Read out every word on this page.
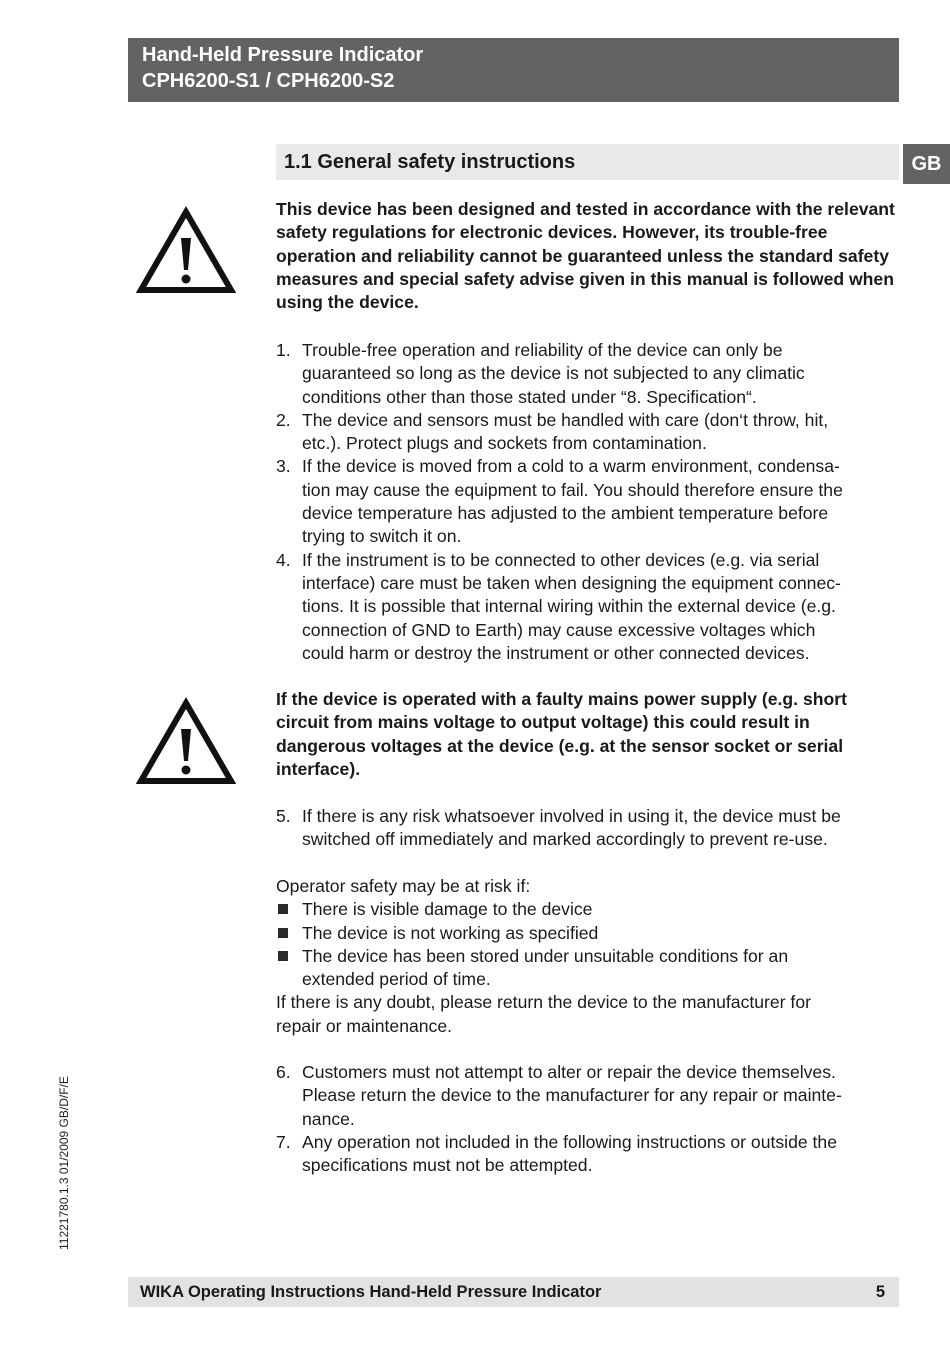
Hand-Held Pressure Indicator
CPH6200-S1 / CPH6200-S2
1.1 General safety instructions	GB
This device has been designed and tested in accordance with the relevant safety regulations for electronic devices. However, its trouble-free operation and reliability cannot be guaranteed unless the standard safety measures and special safety advise given in this manual is followed when using the device.
1. Trouble-free operation and reliability of the device can only be
guaranteed so long as the device is not subjected to any climatic
conditions other than those stated under “8. Specification“.
2. The device and sensors must be handled with care (don‘t throw, hit,
etc.). Protect plugs and sockets from contamination.
3. If the device is moved from a cold to a warm environment, condensa-
tion may cause the equipment to fail. You should therefore ensure the
device temperature has adjusted to the ambient temperature before
trying to switch it on.
4. If the instrument is to be connected to other devices (e.g. via serial
interface) care must be taken when designing the equipment connec-
tions. It is possible that internal wiring within the external device (e.g.
connection of GND to Earth) may cause excessive voltages which
could harm or destroy the instrument or other connected devices.
If the device is operated with a faulty mains power supply (e.g. short circuit from mains voltage to output voltage) this could result in dangerous voltages at the device (e.g. at the sensor socket or serial interface).
5. If there is any risk whatsoever involved in using it, the device must be
switched off immediately and marked accordingly to prevent re-use.
Operator safety may be at risk if:
There is visible damage to the device
The device is not working as specified
The device has been stored under unsuitable conditions for an
extended period of time.
If there is any doubt, please return the device to the manufacturer for
repair or maintenance.
6. Customers must not attempt to alter or repair the device themselves.
Please return the device to the manufacturer for any repair or mainte-
nance.
7. Any operation not included in the following instructions or outside the
specifications must not be attempted.
11221780.1.3 01/2009 GB/D/F/E
WIKA Operating Instructions Hand-Held Pressure Indicator	5
